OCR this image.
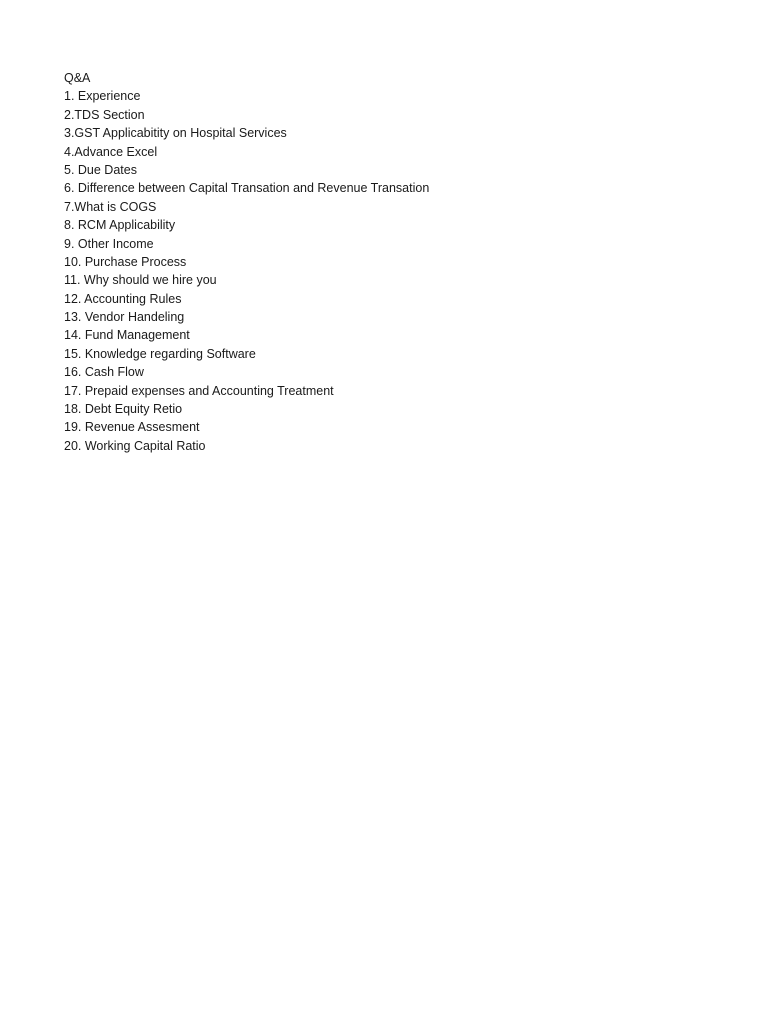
Q&A
1. Experience
2.TDS Section
3.GST Applicabitity on Hospital Services
4.Advance Excel
5. Due Dates
6. Difference between Capital Transation and Revenue Transation
7.What is COGS
8. RCM Applicability
9. Other Income
10. Purchase Process
11. Why should we hire you
12. Accounting Rules
13. Vendor Handeling
14. Fund Management
15. Knowledge regarding Software
16. Cash Flow
17. Prepaid expenses and Accounting Treatment
18. Debt Equity Retio
19. Revenue Assesment
20. Working Capital Ratio
